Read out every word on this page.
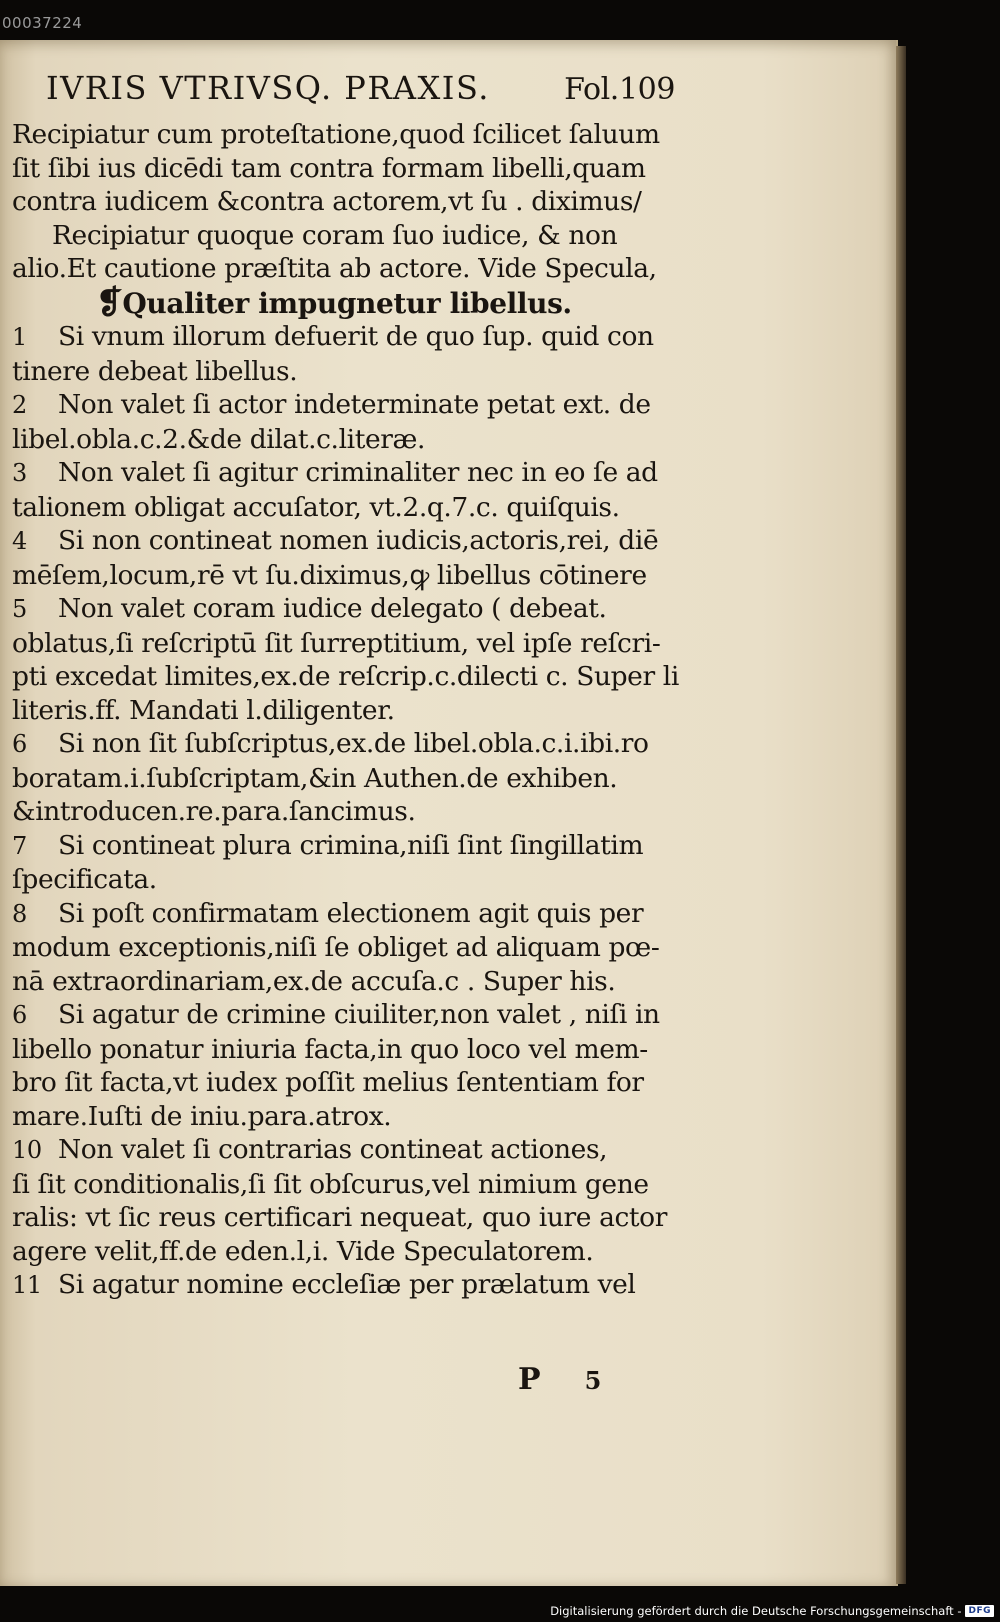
00037224
IVRIS VTRIVSQ. PRAXIS. Fol.109
Recipiatur cum proteſtatione,quod ſcilicet ſaluum
ſit ſibi ius dicēdi tam contra formam libelli,quam
contra iudicem &contra actorem,vt ſu . diximus/
Recipiatur quoque coram ſuo iudice, & non
alio.Et cautione præſtita ab actore. Vide Specula,
❡Qualiter impugnetur libellus.
1 Si vnum illorum defuerit de quo ſup. quid con
tinere debeat libellus.
2 Non valet ſi actor indeterminate petat ext. de
libel.obla.c.2.&de dilat.c.literæ.
3 Non valet ſi agitur criminaliter nec in eo ſe ad
talionem obligat accuſator, vt.2.q.7.c. quiſquis.
4 Si non contineat nomen iudicis,actoris,rei, diē
mēſem,locum,rē vt ſu.diximus,ꝙ libellus cōtinere
5 Non valet coram iudice delegato ( debeat.
oblatus,ſi reſcriptū ſit ſurreptitium, vel ipſe reſcri-
pti excedat limites,ex.de reſcrip.c.dilecti c. Super li
literis.ff. Mandati l.diligenter.
6 Si non ſit ſubſcriptus,ex.de libel.obla.c.i.ibi.ro
boratam.i.ſubſcriptam,&in Authen.de exhiben.
&introducen.re.para.ſancimus.
7 Si contineat plura crimina,niſi ſint ſingillatim
ſpecificata.
8 Si poſt confirmatam electionem agit quis per
modum exceptionis,niſi ſe obliget ad aliquam pœ-
nā extraordinariam,ex.de accuſa.c . Super his.
6 Si agatur de crimine ciuiliter,non valet , niſi in
libello ponatur iniuria facta,in quo loco vel mem-
bro ſit facta,vt iudex poſſit melius ſententiam for
mare.Iuſti de iniu.para.atrox.
10 Non valet ſi contrarias contineat actiones,
ſi ſit conditionalis,ſi ſit obſcurus,vel nimium gene
ralis: vt ſic reus certificari nequeat, quo iure actor
agere velit,ff.de eden.l,i. Vide Speculatorem.
11 Si agatur nomine eccleſiæ per prælatum vel
P 5
Digitalisierung gefördert durch die Deutsche Forschungsgemeinschaft - DFG
